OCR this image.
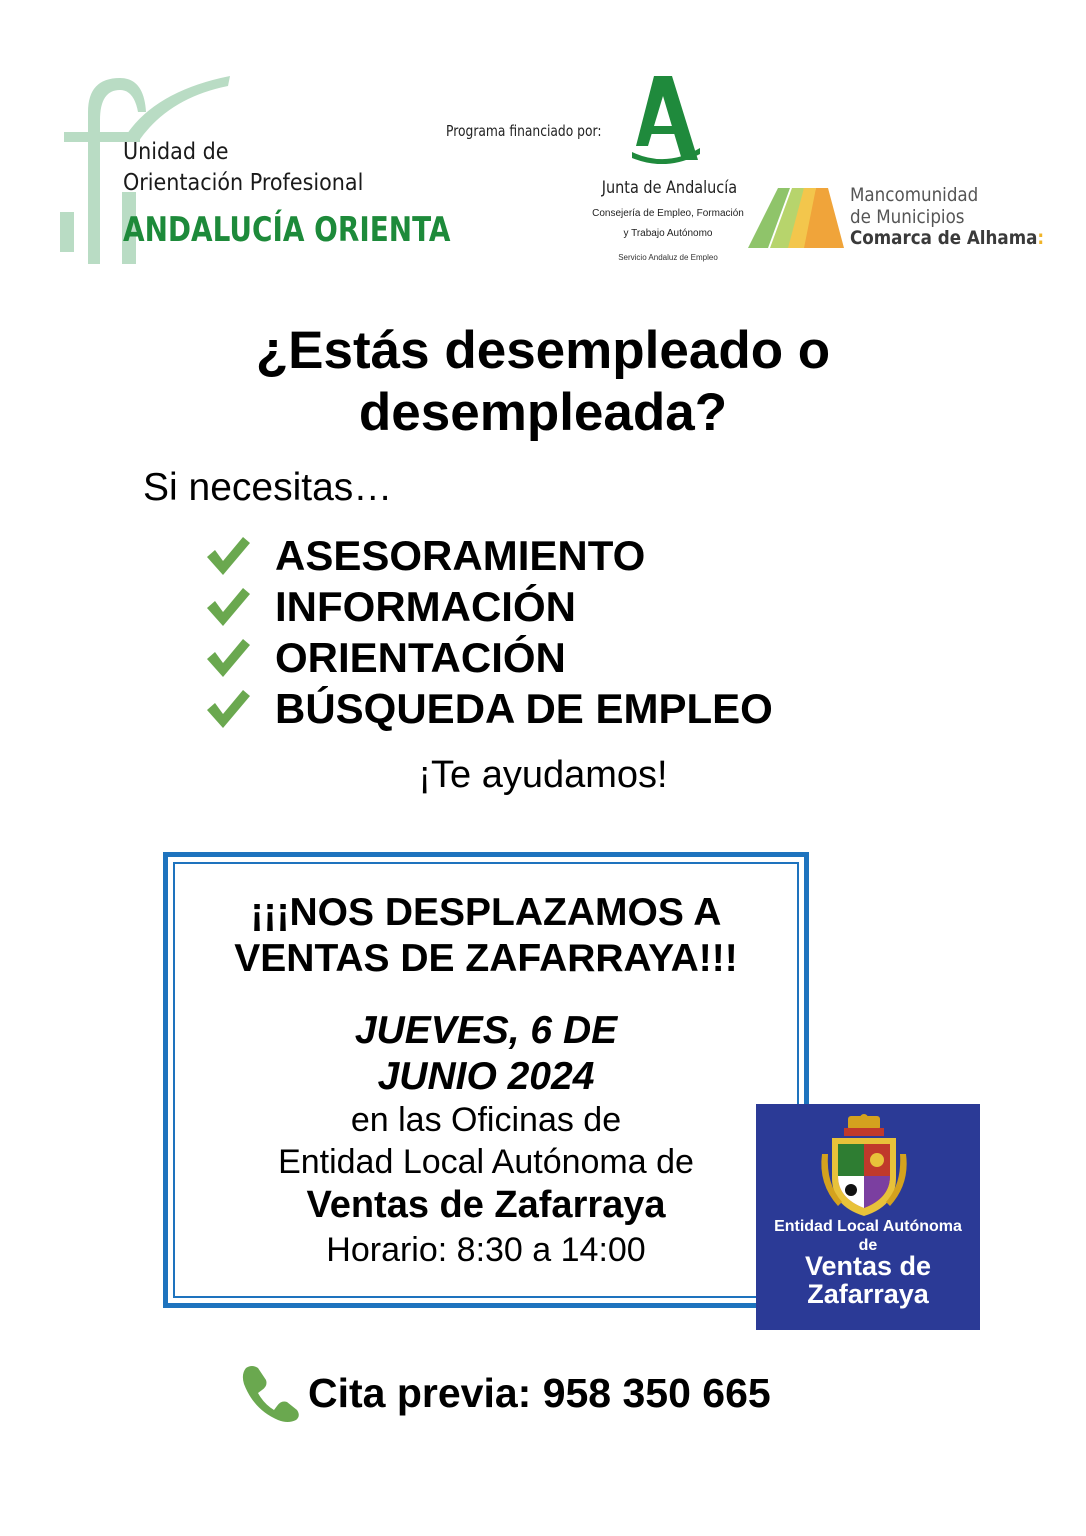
Unidad de
Orientación Profesional
ANDALUCÍA ORIENTA
Programa financiado por:
Junta de Andalucía
Consejería de Empleo, Formación
y Trabajo Autónomo
Servicio Andaluz de Empleo
Mancomunidad
de Municipios
Comarca de Alhama:
¿Estás desempleado o
desempleada?
Si necesitas…
ASESORAMIENTO
INFORMACIÓN
ORIENTACIÓN
BÚSQUEDA DE EMPLEO
¡Te ayudamos!
¡¡¡NOS DESPLAZAMOS A
VENTAS DE ZAFARRAYA!!!
JUEVES, 6 DE
JUNIO 2024
en las Oficinas de
Entidad Local Autónoma de
Ventas de Zafarraya
Horario: 8:30 a 14:00
Entidad Local Autónoma
de
Ventas de
Zafarraya
Cita previa: 958 350 665
